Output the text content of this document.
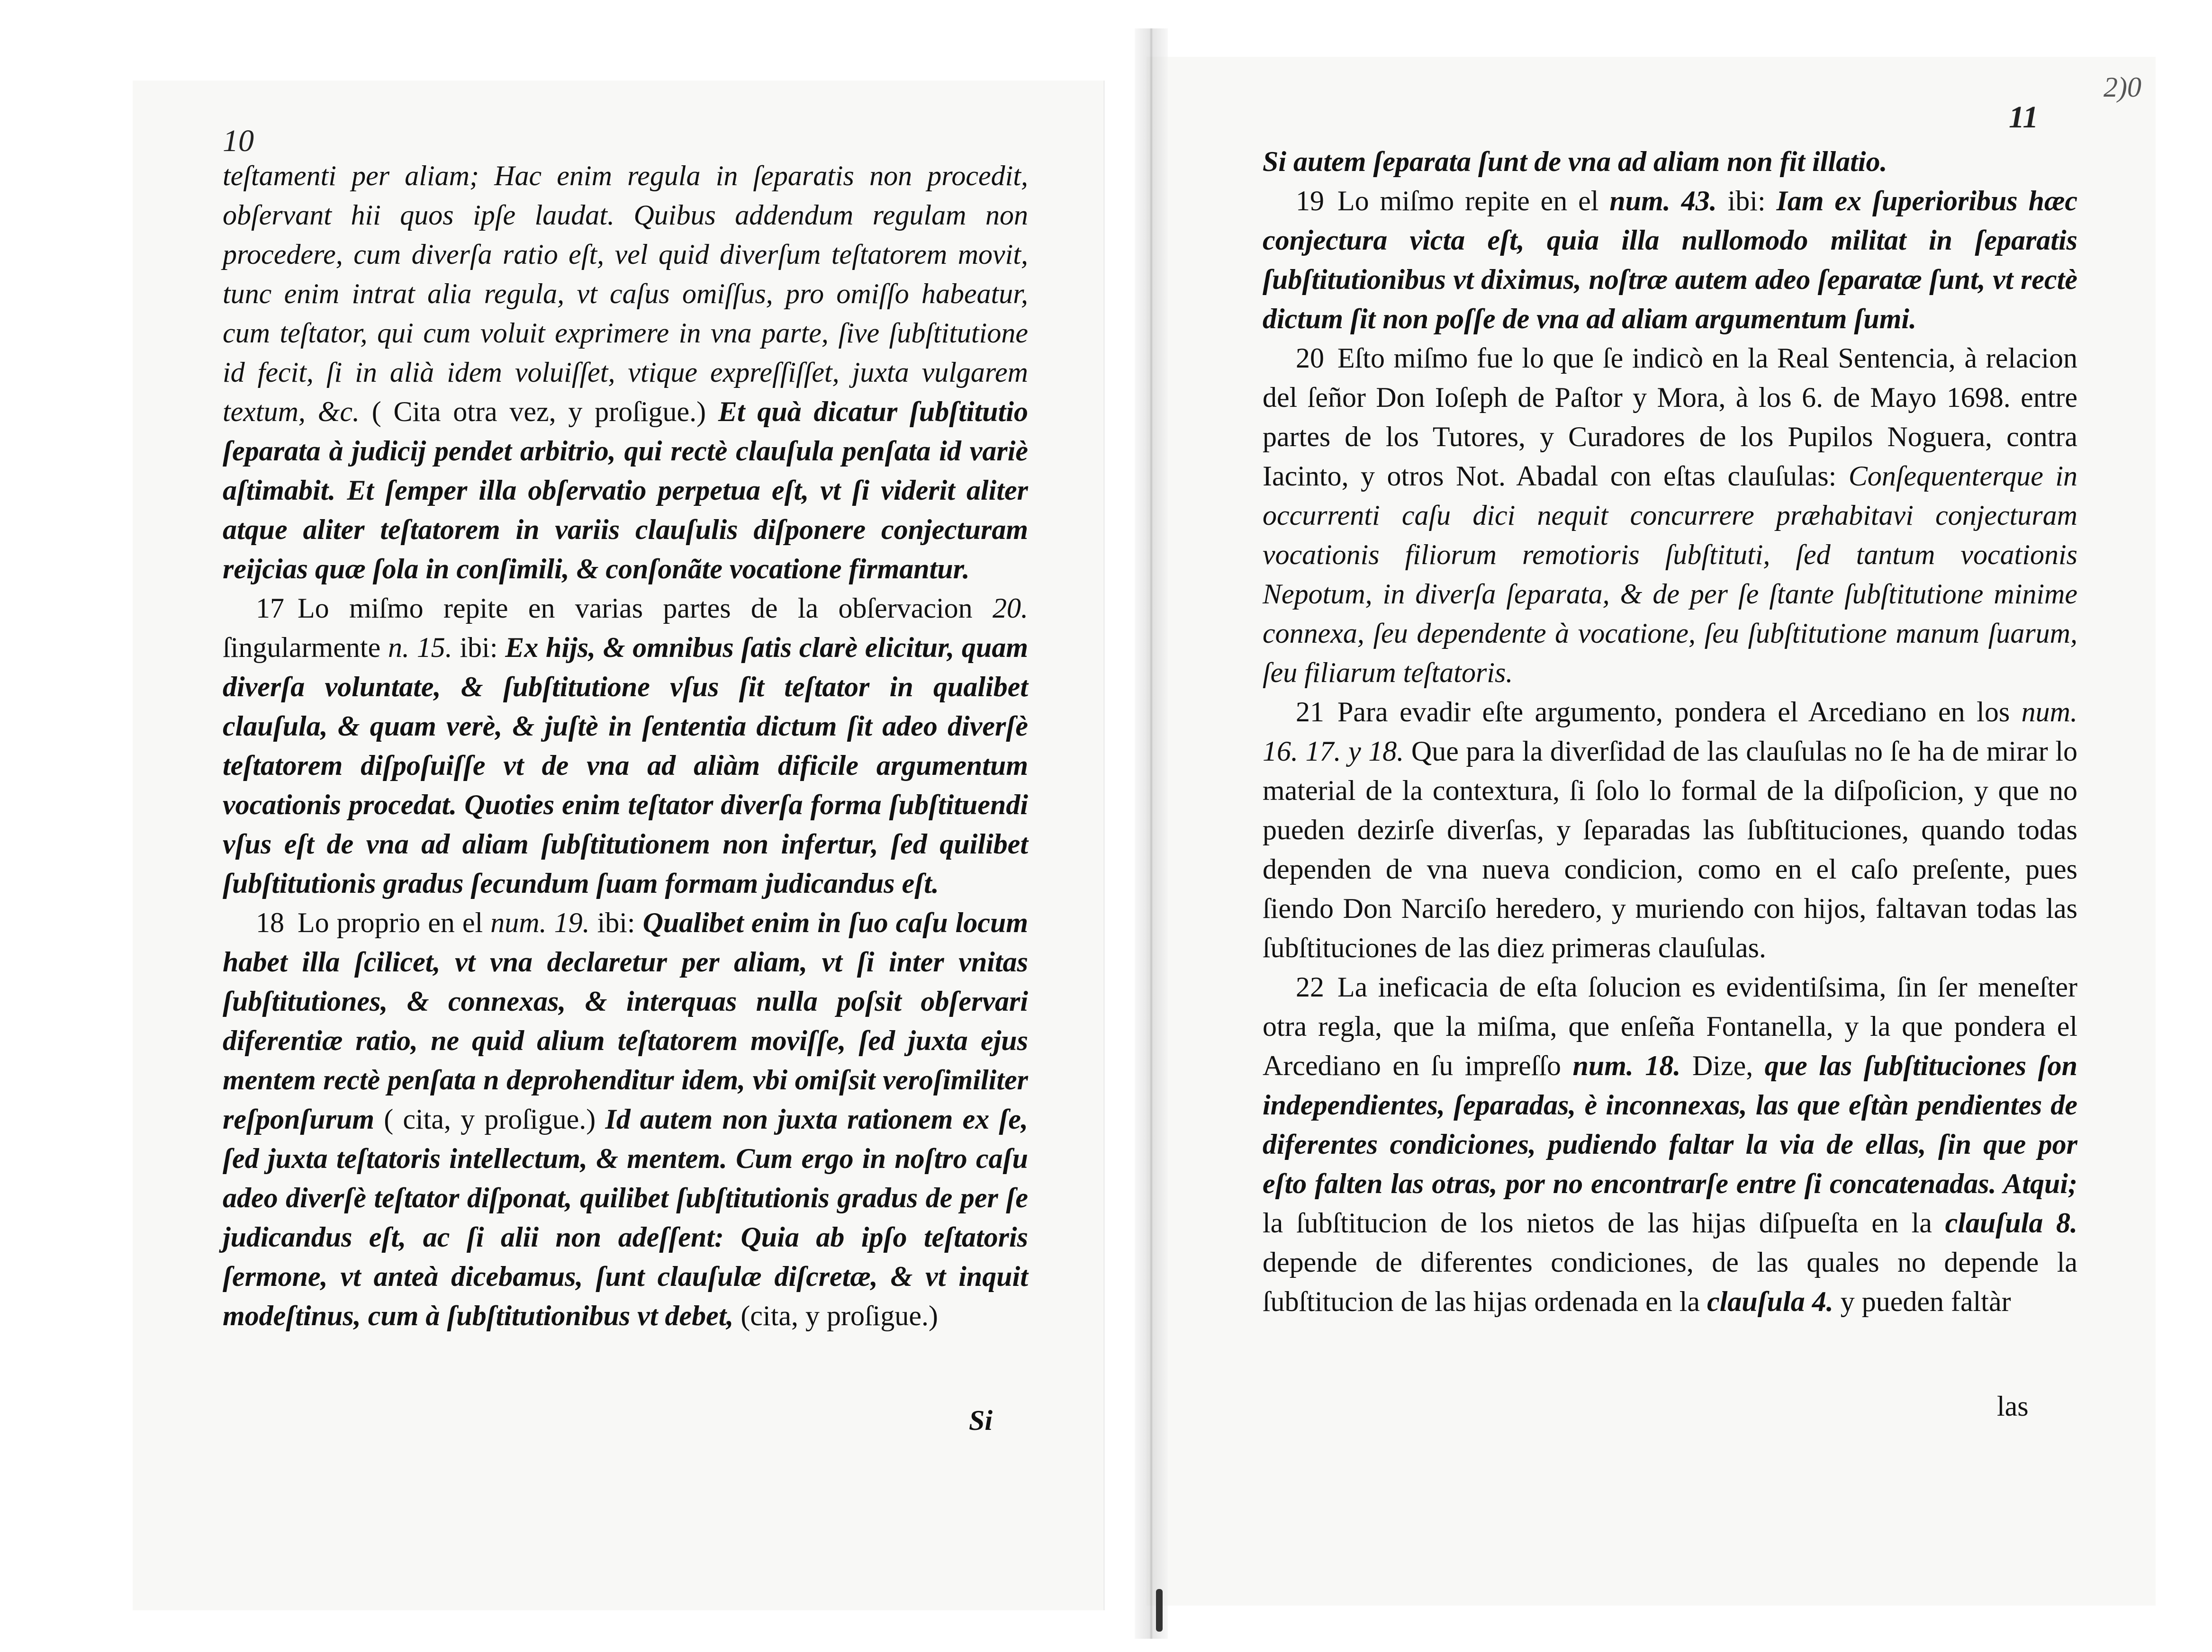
10
11
2)0

teſtamenti per aliam; Hac enim regula in ſeparatis non procedit, obſervant hii quos ipſe laudat. Quibus addendum regulam non procedere, cum diverſa ratio eſt, vel quid diverſum teſtatorem movit, tunc enim intrat alia regula, vt caſus omiſſus, pro omiſſo habeatur, cum teſtator, qui cum voluit exprimere in vna parte, ſive ſubſtitutione id fecit, ſi in alià idem voluiſſet, vtique expreſſiſſet, juxta vulgarem textum, &c. ( Cita otra vez, y proſigue.) Et quà dicatur ſubſtitutio ſeparata à judicij pendet arbitrio, qui rectè clauſula penſata id variè aſtimabit. Et ſemper illa obſervatio perpetua eſt, vt ſi viderit aliter atque aliter teſtatorem in variis clauſulis diſponere conjecturam reijcias quæ ſola in conſimili, & conſonãte vocatione firmantur.

17 Lo miſmo repite en varias partes de la obſervacion 20. ſingularmente n. 15. ibi: Ex hijs, & omnibus ſatis clarè elicitur, quam diverſa voluntate, & ſubſtitutione vſus ſit teſtator in qualibet clauſula, & quam verè, & juſtè in ſententia dictum ſit adeo diverſè teſtatorem diſpoſuiſſe vt de vna ad aliàm dificile argumentum vocationis procedat. Quoties enim teſtator diverſa forma ſubſtituendi vſus eſt de vna ad aliam ſubſtitutionem non infertur, ſed quilibet ſubſtitutionis gradus ſecundum ſuam formam judicandus eſt.

18 Lo proprio en el num. 19. ibi: Qualibet enim in ſuo caſu locum habet illa ſcilicet, vt vna declaretur per aliam, vt ſi inter vnitas ſubſtitutiones, & connexas, & interquas nulla poſsit obſervari diferentiæ ratio, ne quid alium teſtatorem moviſſe, ſed juxta ejus mentem rectè penſata n deprohenditur idem, vbi omiſsit veroſimiliter reſponſurum ( cita, y proſigue.) Id autem non juxta rationem ex ſe, ſed juxta teſtatoris intellectum, & mentem. Cum ergo in noſtro caſu adeo diverſè teſtator diſponat, quilibet ſubſtitutionis gradus de per ſe judicandus eſt, ac ſi alii non adeſſent: Quia ab ipſo teſtatoris ſermone, vt anteà dicebamus, ſunt clauſulæ diſcretæ, & vt inquit modeſtinus, cum à ſubſtitutionibus vt debet, (cita, y proſigue.)

Si

Si autem ſeparata ſunt de vna ad aliam non fit illatio.

19 Lo miſmo repite en el num. 43. ibi: Iam ex ſuperioribus hæc conjectura victa eſt, quia illa nullomodo militat in ſeparatis ſubſtitutionibus vt diximus, noſtræ autem adeo ſeparatæ ſunt, vt rectè dictum ſit non poſſe de vna ad aliam argumentum ſumi.

20 Eſto miſmo fue lo que ſe indicò en la Real Sentencia, à relacion del ſeñor Don Ioſeph de Paſtor y Mora, à los 6. de Mayo 1698. entre partes de los Tutores, y Curadores de los Pupilos Noguera, contra Iacinto, y otros Not. Abadal con eſtas clauſulas: Conſequenterque in occurrenti caſu dici nequit concurrere præhabitavi conjecturam vocationis filiorum remotioris ſubſtituti, ſed tantum vocationis Nepotum, in diverſa ſeparata, & de per ſe ſtante ſubſtitutione minime connexa, ſeu dependente à vocatione, ſeu ſubſtitutione manum ſuarum, ſeu filiarum teſtatoris.

21 Para evadir eſte argumento, pondera el Arcediano en los num. 16. 17. y 18. Que para la diverſidad de las clauſulas no ſe ha de mirar lo material de la contextura, ſi ſolo lo formal de la diſpoſicion, y que no pueden dezirſe diverſas, y ſeparadas las ſubſtituciones, quando todas dependen de vna nueva condicion, como en el caſo preſente, pues ſiendo Don Narciſo heredero, y muriendo con hijos, faltavan todas las ſubſtituciones de las diez primeras clauſulas.

22 La ineficacia de eſta ſolucion es evidentiſsima, ſin ſer meneſter otra regla, que la miſma, que enſeña Fontanella, y la que pondera el Arcediano en ſu impreſſo num. 18. Dize, que las ſubſtituciones ſon independientes, ſeparadas, è inconnexas, las que eſtàn pendientes de diferentes condiciones, pudiendo faltar la via de ellas, ſin que por eſto falten las otras, por no encontrarſe entre ſi concatenadas. Atqui; la ſubſtitucion de los nietos de las hijas diſpueſta en la clauſula 8. depende de diferentes condiciones, de las quales no depende la ſubſtitucion de las hijas ordenada en la clauſula 4. y pueden faltàr

las
